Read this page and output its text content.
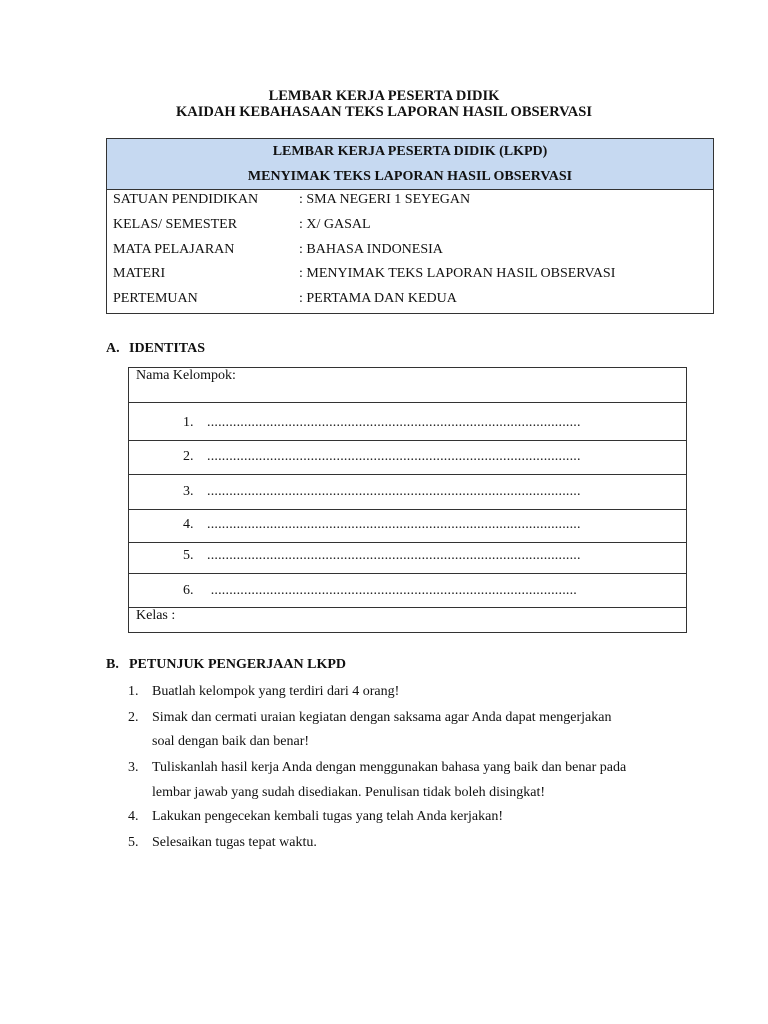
LEMBAR KERJA PESERTA DIDIK
KAIDAH KEBAHASAAN TEKS LAPORAN HASIL OBSERVASI
LEMBAR KERJA PESERTA DIDIK (LKPD)
MENYIMAK TEKS LAPORAN HASIL OBSERVASI
SATUAN PENDIDIKAN	: SMA NEGERI 1 SEYEGAN
KELAS/ SEMESTER	: X/ GASAL
MATA PELAJARAN	: BAHASA INDONESIA
MATERI	: MENYIMAK TEKS LAPORAN HASIL OBSERVASI
PERTEMUAN	: PERTAMA DAN KEDUA
A. IDENTITAS
Nama Kelompok:
1. .....................................................................................................
2. .....................................................................................................
3. .....................................................................................................
4. .....................................................................................................
5. .....................................................................................................
6. ...................................................................................................
Kelas :
B. PETUNJUK PENGERJAAN LKPD
1. Buatlah kelompok yang terdiri dari 4 orang!
2. Simak dan cermati uraian kegiatan dengan saksama agar Anda dapat mengerjakan
soal dengan baik dan benar!
3. Tuliskanlah hasil kerja Anda dengan menggunakan bahasa yang baik dan benar pada
lembar jawab yang sudah disediakan. Penulisan tidak boleh disingkat!
4. Lakukan pengecekan kembali tugas yang telah Anda kerjakan!
5. Selesaikan tugas tepat waktu.
